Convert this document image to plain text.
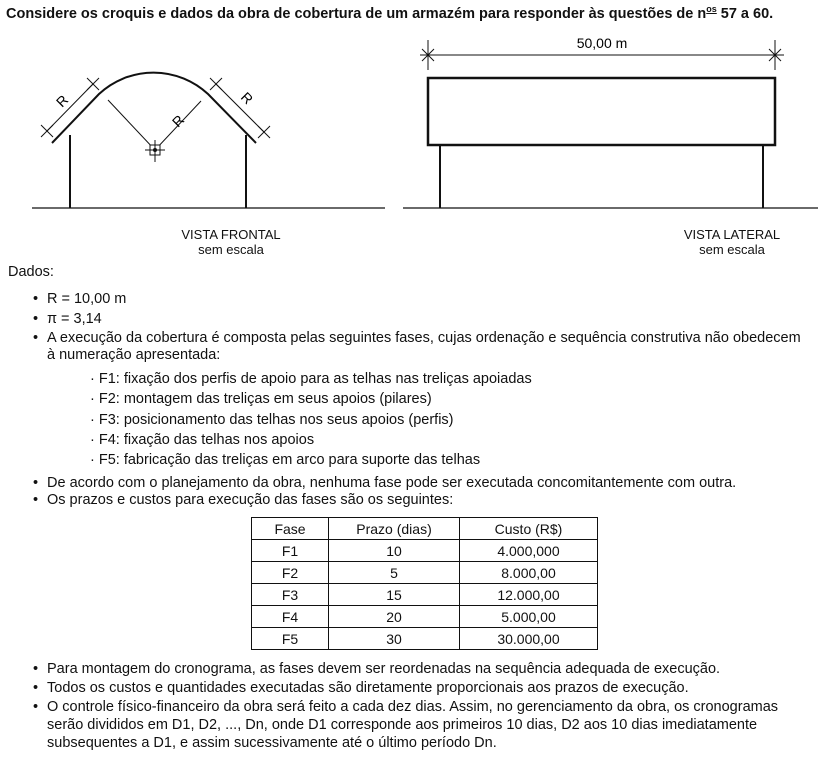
Considere os croquis e dados da obra de cobertura de um armazém para responder às questões de $n^{os}$ 57 a 60.
R
R
R
50,00 m
VISTA FRONTAL
sem escala
VISTA LATERAL
sem escala
Dados:
• R = 10,00 m
• π = 3,14
• A execução da cobertura é composta pelas seguintes fases, cujas ordenação e sequência construtiva não obedecem
à numeração apresentada:
· F1: fixação dos perfis de apoio para as telhas nas treliças apoiadas
· F2: montagem das treliças em seus apoios (pilares)
· F3: posicionamento das telhas nos seus apoios (perfis)
· F4: fixação das telhas nos apoios
· F5: fabricação das treliças em arco para suporte das telhas
• De acordo com o planejamento da obra, nenhuma fase pode ser executada concomitantemente com outra.
• Os prazos e custos para execução das fases são os seguintes:
Fase	Prazo (dias)	Custo (R$)
F1	10	4.000,000
F2	5	8.000,00
F3	15	12.000,00
F4	20	5.000,00
F5	30	30.000,00
• Para montagem do cronograma, as fases devem ser reordenadas na sequência adequada de execução.
• Todos os custos e quantidades executadas são diretamente proporcionais aos prazos de execução.
• O controle físico-financeiro da obra será feito a cada dez dias. Assim, no gerenciamento da obra, os cronogramas
serão divididos em D1, D2, ..., Dn, onde D1 corresponde aos primeiros 10 dias, D2 aos 10 dias imediatamente
subsequentes a D1, e assim sucessivamente até o último período Dn.
